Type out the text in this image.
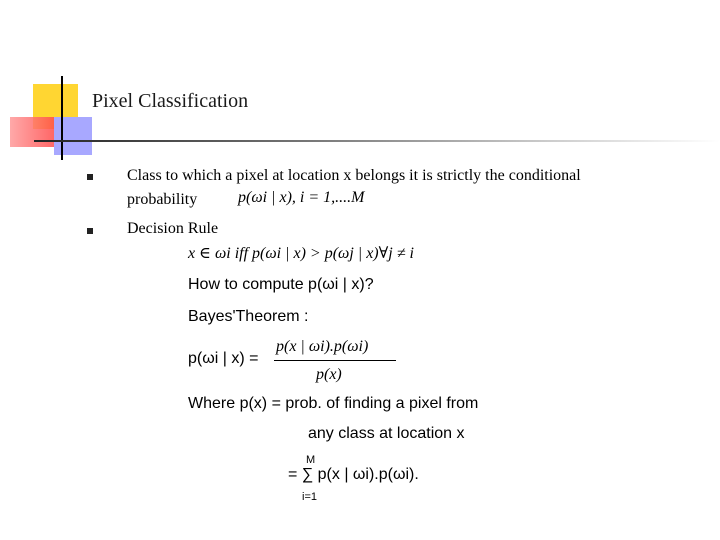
Pixel Classification
Class to which a pixel at location x belongs it is strictly the conditional
probability	p(ωi | x), i = 1,....M
Decision Rule
x ∈ ωi iff p(ωi | x) > p(ωj | x)∀j ≠ i
How to compute p(ωi | x)?
Bayes'Theorem :
p(ωi | x) =
p(x | ωi).p(ωi)
p(x)
Where p(x) = prob. of finding a pixel from
any class at location x
M
= ∑ p(x | ωi).p(ωi).
i=1
